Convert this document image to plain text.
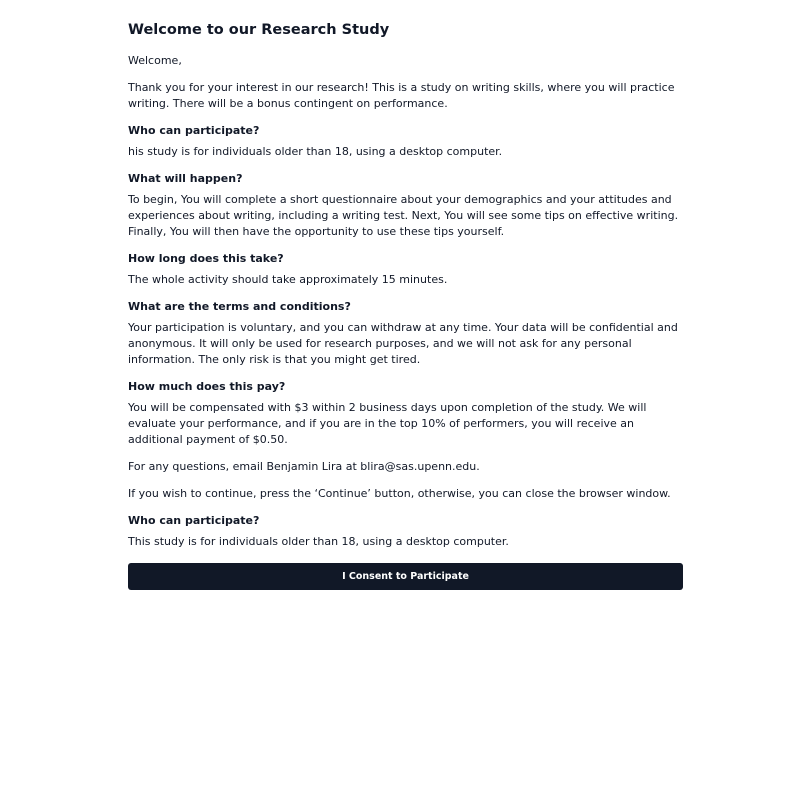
Welcome to our Research Study

Welcome,

Thank you for your interest in our research! This is a study on writing skills, where you will practice writing. There will be a bonus contingent on performance.

Who can participate?

his study is for individuals older than 18, using a desktop computer.

What will happen?

To begin, You will complete a short questionnaire about your demographics and your attitudes and experiences about writing, including a writing test. Next, You will see some tips on effective writing. Finally, You will then have the opportunity to use these tips yourself.

How long does this take?

The whole activity should take approximately 15 minutes.

What are the terms and conditions?

Your participation is voluntary, and you can withdraw at any time. Your data will be confidential and anonymous. It will only be used for research purposes, and we will not ask for any personal information. The only risk is that you might get tired.

How much does this pay?

You will be compensated with $3 within 2 business days upon completion of the study. We will evaluate your performance, and if you are in the top 10% of performers, you will receive an additional payment of $0.50.

For any questions, email Benjamin Lira at blira@sas.upenn.edu.

If you wish to continue, press the ‘Continue’ button, otherwise, you can close the browser window.

Who can participate?

This study is for individuals older than 18, using a desktop computer.

I Consent to Participate
